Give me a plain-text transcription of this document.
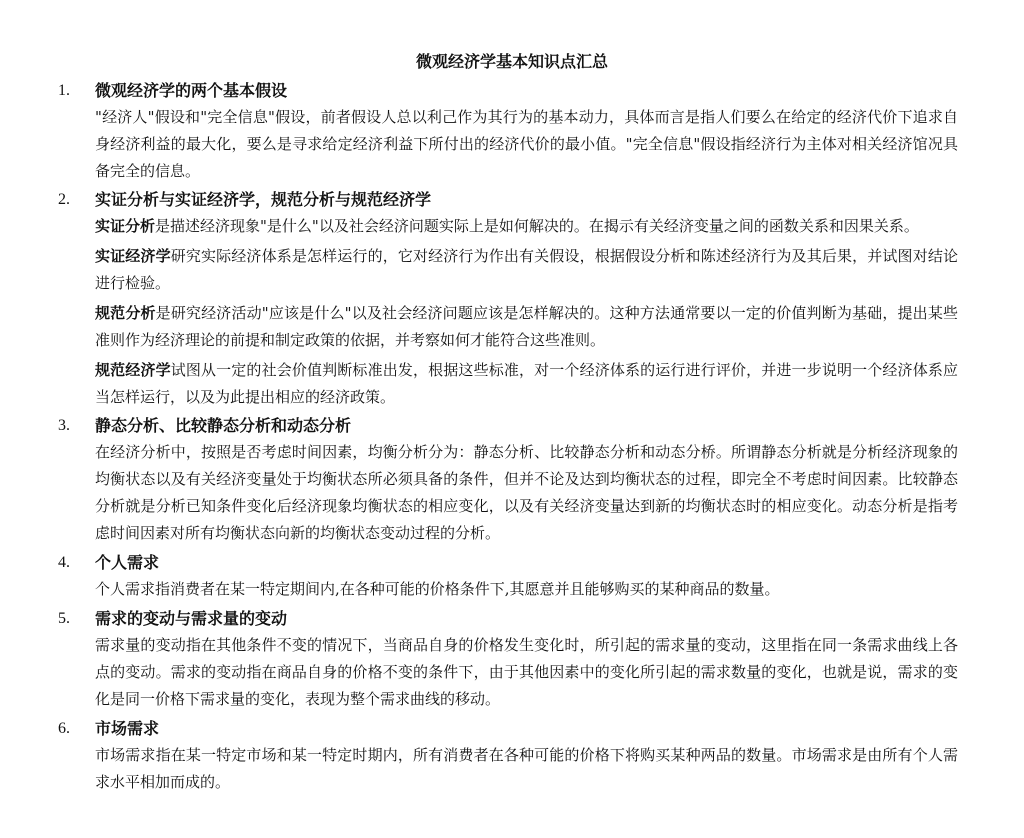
微观经济学基本知识点汇总
1.	微观经济学的两个基本假设

"经济人"假设和"完全信息"假设，前者假设人总以利己作为其行为的基本动力，具体而言是指人们要么在给定的经济代价下追求自身经济利益的最大化，要么是寻求给定经济利益下所付出的经济代价的最小值。"完全信息"假设指经济行为主体对相关经济馆况具备完全的信息。

2.	实证分析与实证经济学，规范分析与规范经济学

实证分析是描述经济现象"是什么"以及社会经济问题实际上是如何解决的。在揭示有关经济变量之间的函数关系和因果关系。

实证经济学研究实际经济体系是怎样运行的，它对经济行为作出有关假设，根据假设分析和陈述经济行为及其后果，并试图对结论进行检验。

规范分析是研究经济活动"应该是什么"以及社会经济问题应该是怎样解决的。这种方法通常要以一定的价值判断为基础，提出某些准则作为经济理论的前提和制定政策的依据，并考察如何才能符合这些准则。

规范经济学试图从一定的社会价值判断标准出发，根据这些标准，对一个经济体系的运行进行评价，并进一步说明一个经济体系应当怎样运行，以及为此提出相应的经济政策。

3.	静态分析、比较静态分析和动态分析

在经济分析中，按照是否考虑时间因素，均衡分析分为：静态分析、比较静态分析和动态分桥。所谓静态分析就是分析经济现象的均衡状态以及有关经济变量处于均衡状态所必须具备的条件，但并不论及达到均衡状态的过程，即完全不考虑时间因素。比较静态分析就是分析已知条件变化后经济现象均衡状态的相应变化，以及有关经济变量达到新的均衡状态时的相应变化。动态分析是指考虑时间因素对所有均衡状态向新的均衡状态变动过程的分析。

4.	个人需求

个人需求指消费者在某一特定期间内,在各种可能的价格条件下,其愿意并且能够购买的某种商品的数量。

5.	需求的变动与需求量的变动

需求量的变动指在其他条件不变的情况下，当商品自身的价格发生变化时，所引起的需求量的变动，这里指在同一条需求曲线上各点的变动。需求的变动指在商品自身的价格不变的条件下，由于其他因素中的变化所引起的需求数量的变化，也就是说，需求的变化是同一价格下需求量的变化，表现为整个需求曲线的移动。

6.	市场需求

市场需求指在某一特定市场和某一特定时期内，所有消费者在各种可能的价格下将购买某种两品的数量。市场需求是由所有个人需求水平相加而成的。
